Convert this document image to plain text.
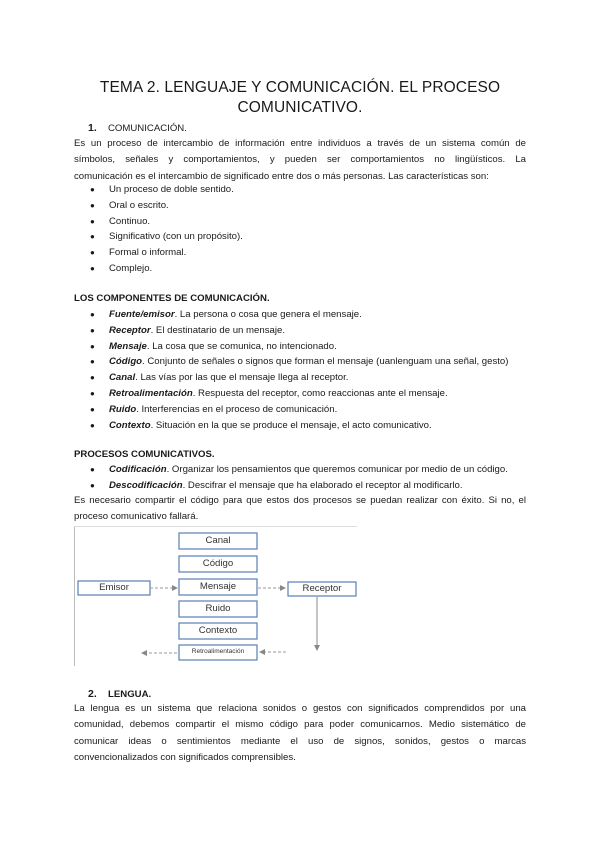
TEMA 2. LENGUAJE Y COMUNICACIÓN. EL PROCESO
COMUNICATIVO.
1. COMUNICACIÓN.
Es un proceso de intercambio de información entre individuos a través de un sistema común de
símbolos, señales y comportamientos, y pueden ser comportamientos no lingüísticos. La
comunicación es el intercambio de significado entre dos o más personas. Las características son:
● Un proceso de doble sentido.
● Oral o escrito.
● Continuo.
● Significativo (con un propósito).
● Formal o informal.
● Complejo.
LOS COMPONENTES DE COMUNICACIÓN.
● Fuente/emisor. La persona o cosa que genera el mensaje.
● Receptor. El destinatario de un mensaje.
● Mensaje. La cosa que se comunica, no intencionado.
● Código. Conjunto de señales o signos que forman el mensaje (uanlenguam una señal, gesto)
● Canal. Las vías por las que el mensaje llega al receptor.
● Retroalimentación. Respuesta del receptor, como reaccionas ante el mensaje.
● Ruido. Interferencias en el proceso de comunicación.
● Contexto. Situación en la que se produce el mensaje, el acto comunicativo.
PROCESOS COMUNICATIVOS.
● Codificación. Organizar los pensamientos que queremos comunicar por medio de un código.
● Descodificación. Descifrar el mensaje que ha elaborado el receptor al modificarlo.
Es necesario compartir el código para que estos dos procesos se puedan realizar con éxito. Si no, el
proceso comunicativo fallará.
Canal
Código
Mensaje
Ruido
Contexto
Retroalimentación
Emisor	Receptor
2. LENGUA.
La lengua es un sistema que relaciona sonidos o gestos con significados comprendidos por una
comunidad, debemos compartir el mismo código para poder comunicarnos. Medio sistemático de
comunicar ideas o sentimientos mediante el uso de signos, sonidos, gestos o marcas
convencionalizados con significados comprensibles.
